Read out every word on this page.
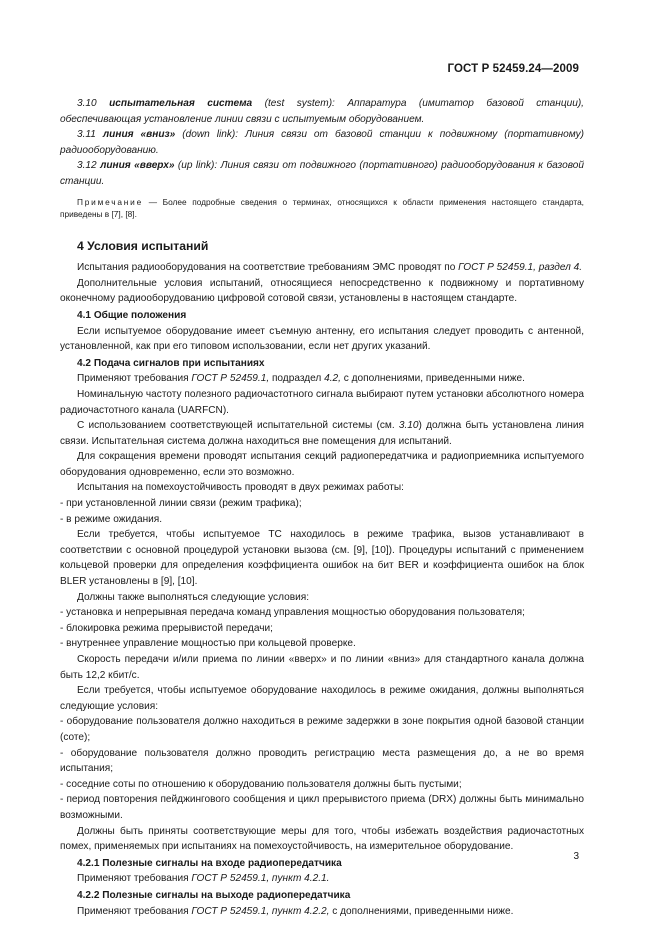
ГОСТ Р 52459.24—2009

3.10 испытательная система (test system): Аппаратура (имитатор базовой станции), обеспечивающая установление линии связи с испытуемым оборудованием.

3.11 линия «вниз» (down link): Линия связи от базовой станции к подвижному (портативному) радиооборудованию.

3.12 линия «вверх» (up link): Линия связи от подвижного (портативного) радиооборудования к базовой станции.

Примечание — Более подробные сведения о терминах, относящихся к области применения настоящего стандарта, приведены в [7], [8].

4 Условия испытаний

Испытания радиооборудования на соответствие требованиям ЭМС проводят по ГОСТ Р 52459.1, раздел 4.

Дополнительные условия испытаний, относящиеся непосредственно к подвижному и портативному оконечному радиооборудованию цифровой сотовой связи, установлены в настоящем стандарте.

4.1 Общие положения

Если испытуемое оборудование имеет съемную антенну, его испытания следует проводить с антенной, установленной, как при его типовом использовании, если нет других указаний.

4.2 Подача сигналов при испытаниях

Применяют требования ГОСТ Р 52459.1, подраздел 4.2, с дополнениями, приведенными ниже.

Номинальную частоту полезного радиочастотного сигнала выбирают путем установки абсолютного номера радиочастотного канала (UARFCN).

С использованием соответствующей испытательной системы (см. 3.10) должна быть установлена линия связи. Испытательная система должна находиться вне помещения для испытаний.

Для сокращения времени проводят испытания секций радиопередатчика и радиоприемника испытуемого оборудования одновременно, если это возможно.

Испытания на помехоустойчивость проводят в двух режимах работы:

- при установленной линии связи (режим трафика);

- в режиме ожидания.

Если требуется, чтобы испытуемое ТС находилось в режиме трафика, вызов устанавливают в соответствии с основной процедурой установки вызова (см. [9], [10]). Процедуры испытаний с применением кольцевой проверки для определения коэффициента ошибок на бит BER и коэффициента ошибок на блок BLER установлены в [9], [10].

Должны также выполняться следующие условия:

- установка и непрерывная передача команд управления мощностью оборудования пользователя;

- блокировка режима прерывистой передачи;

- внутреннее управление мощностью при кольцевой проверке.

Скорость передачи и/или приема по линии «вверх» и по линии «вниз» для стандартного канала должна быть 12,2 кбит/с.

Если требуется, чтобы испытуемое оборудование находилось в режиме ожидания, должны выполняться следующие условия:

- оборудование пользователя должно находиться в режиме задержки в зоне покрытия одной базовой станции (соте);

- оборудование пользователя должно проводить регистрацию места размещения до, а не во время испытания;

- соседние соты по отношению к оборудованию пользователя должны быть пустыми;

- период повторения пейджингового сообщения и цикл прерывистого приема (DRX) должны быть минимально возможными.

Должны быть приняты соответствующие меры для того, чтобы избежать воздействия радиочастотных помех, применяемых при испытаниях на помехоустойчивость, на измерительное оборудование.

4.2.1 Полезные сигналы на входе радиопередатчика

Применяют требования ГОСТ Р 52459.1, пункт 4.2.1.

4.2.2 Полезные сигналы на выходе радиопередатчика

Применяют требования ГОСТ Р 52459.1, пункт 4.2.2, с дополнениями, приведенными ниже.

3
